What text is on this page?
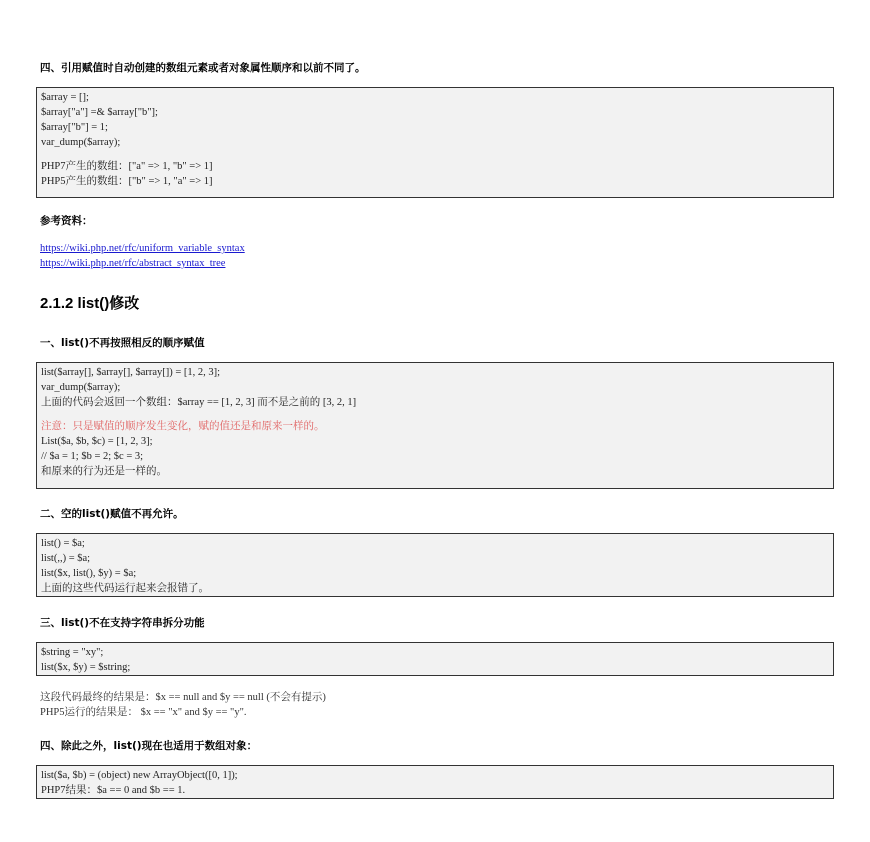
四、引用赋值时自动创建的数组元素或者对象属性顺序和以前不同了。
$array = [];
$array["a"] =& $array["b"];
$array["b"] = 1;
var_dump($array);
PHP7产生的数组：["a" => 1, "b" => 1]
PHP5产生的数组：["b" => 1, "a" => 1]
参考资料：
https://wiki.php.net/rfc/uniform_variable_syntax
https://wiki.php.net/rfc/abstract_syntax_tree
2.1.2 list()修改
一、list()不再按照相反的顺序赋值
list($array[], $array[], $array[]) = [1, 2, 3];
var_dump($array);
上面的代码会返回一个数组：$array == [1, 2, 3] 而不是之前的 [3, 2, 1]
注意：只是赋值的顺序发生变化，赋的值还是和原来一样的。
List($a, $b, $c) = [1, 2, 3];
// $a = 1; $b = 2; $c = 3;
和原来的行为还是一样的。
二、空的list()赋值不再允许。
list() = $a;
list(,,) = $a;
list($x, list(), $y) = $a;
上面的这些代码运行起来会报错了。
三、list()不在支持字符串拆分功能
$string = "xy";
list($x, $y) = $string;
这段代码最终的结果是：$x == null and $y == null (不会有提示)
PHP5运行的结果是： $x == "x" and $y == "y".
四、除此之外，list()现在也适用于数组对象：
list($a, $b) = (object) new ArrayObject([0, 1]);
PHP7结果：$a == 0 and $b == 1.
